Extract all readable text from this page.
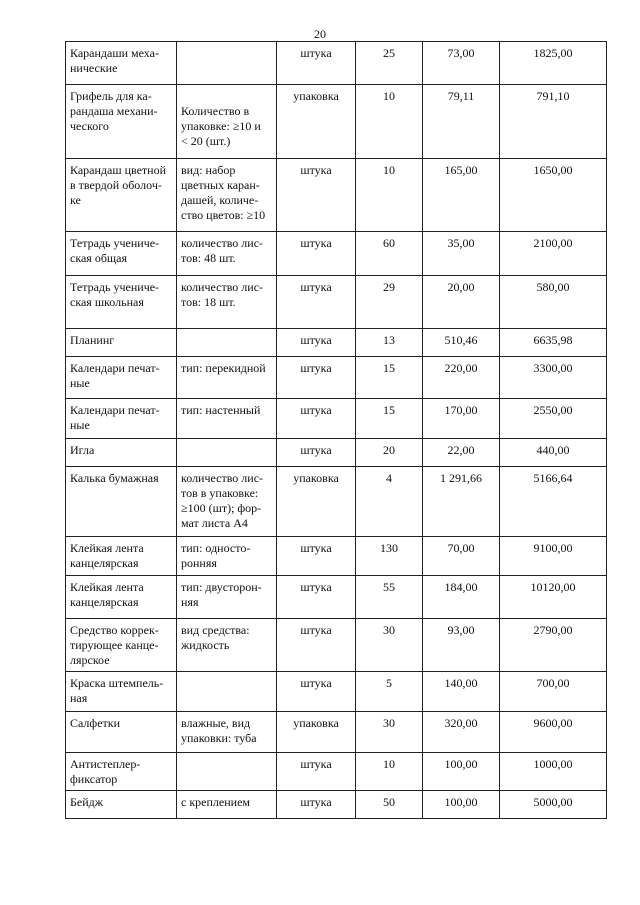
20
Карандаши меха-
нические		штука	25	73,00	1825,00
Грифель для ка-
рандаша механи-
ческого	Количество в
упаковке: ≥10 и
< 20 (шт.)	упаковка	10	79,11	791,10
Карандаш цветной
в твердой оболоч-
ке	вид: набор
цветных каран-
дашей, количе-
ство цветов: ≥10	штука	10	165,00	1650,00
Тетрадь учениче-
ская общая	количество лис-
тов: 48 шт.	штука	60	35,00	2100,00
Тетрадь учениче-
ская школьная	количество лис-
тов: 18 шт.	штука	29	20,00	580,00
Планинг		штука	13	510,46	6635,98
Календари печат-
ные	тип: перекидной	штука	15	220,00	3300,00
Календари печат-
ные	тип: настенный	штука	15	170,00	2550,00
Игла		штука	20	22,00	440,00
Калька бумажная	количество лис-
тов в упаковке:
≥100 (шт); фор-
мат листа А4	упаковка	4	1 291,66	5166,64
Клейкая лента
канцелярская	тип: односто-
ронняя	штука	130	70,00	9100,00
Клейкая лента
канцелярская	тип: двусторон-
няя	штука	55	184,00	10120,00
Средство коррек-
тирующее канце-
лярское	вид средства:
жидкость	штука	30	93,00	2790,00
Краска штемпель-
ная		штука	5	140,00	700,00
Салфетки	влажные, вид
упаковки: туба	упаковка	30	320,00	9600,00
Антистеплер-
фиксатор		штука	10	100,00	1000,00
Бейдж	с креплением	штука	50	100,00	5000,00
